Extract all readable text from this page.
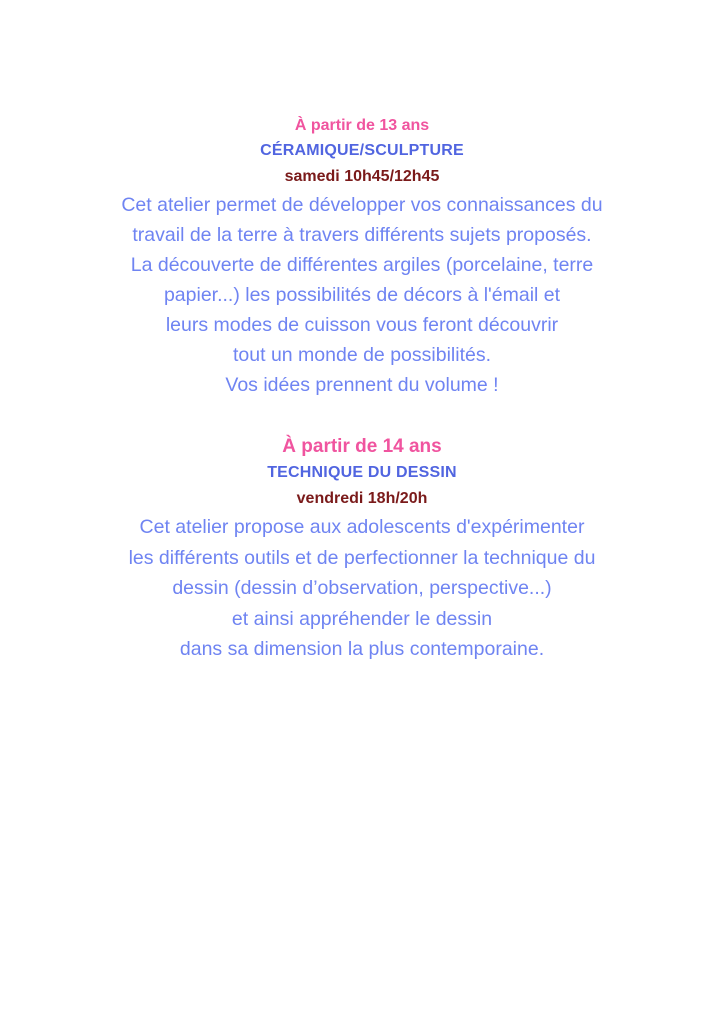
À partir de 13 ans
CÉRAMIQUE/SCULPTURE
samedi 10h45/12h45
Cet atelier permet de développer vos connaissances du
travail de la terre à travers différents sujets proposés.
La découverte de différentes argiles (porcelaine, terre
papier...) les possibilités de décors à l'émail et
leurs modes de cuisson vous feront découvrir
tout un monde de possibilités.
Vos idées prennent du volume !
À partir de 14 ans
TECHNIQUE DU DESSIN
vendredi 18h/20h
Cet atelier propose aux adolescents d'expérimenter
les différents outils et de perfectionner la technique du
dessin (dessin d’observation, perspective...)
et ainsi appréhender le dessin
dans sa dimension la plus contemporaine.
